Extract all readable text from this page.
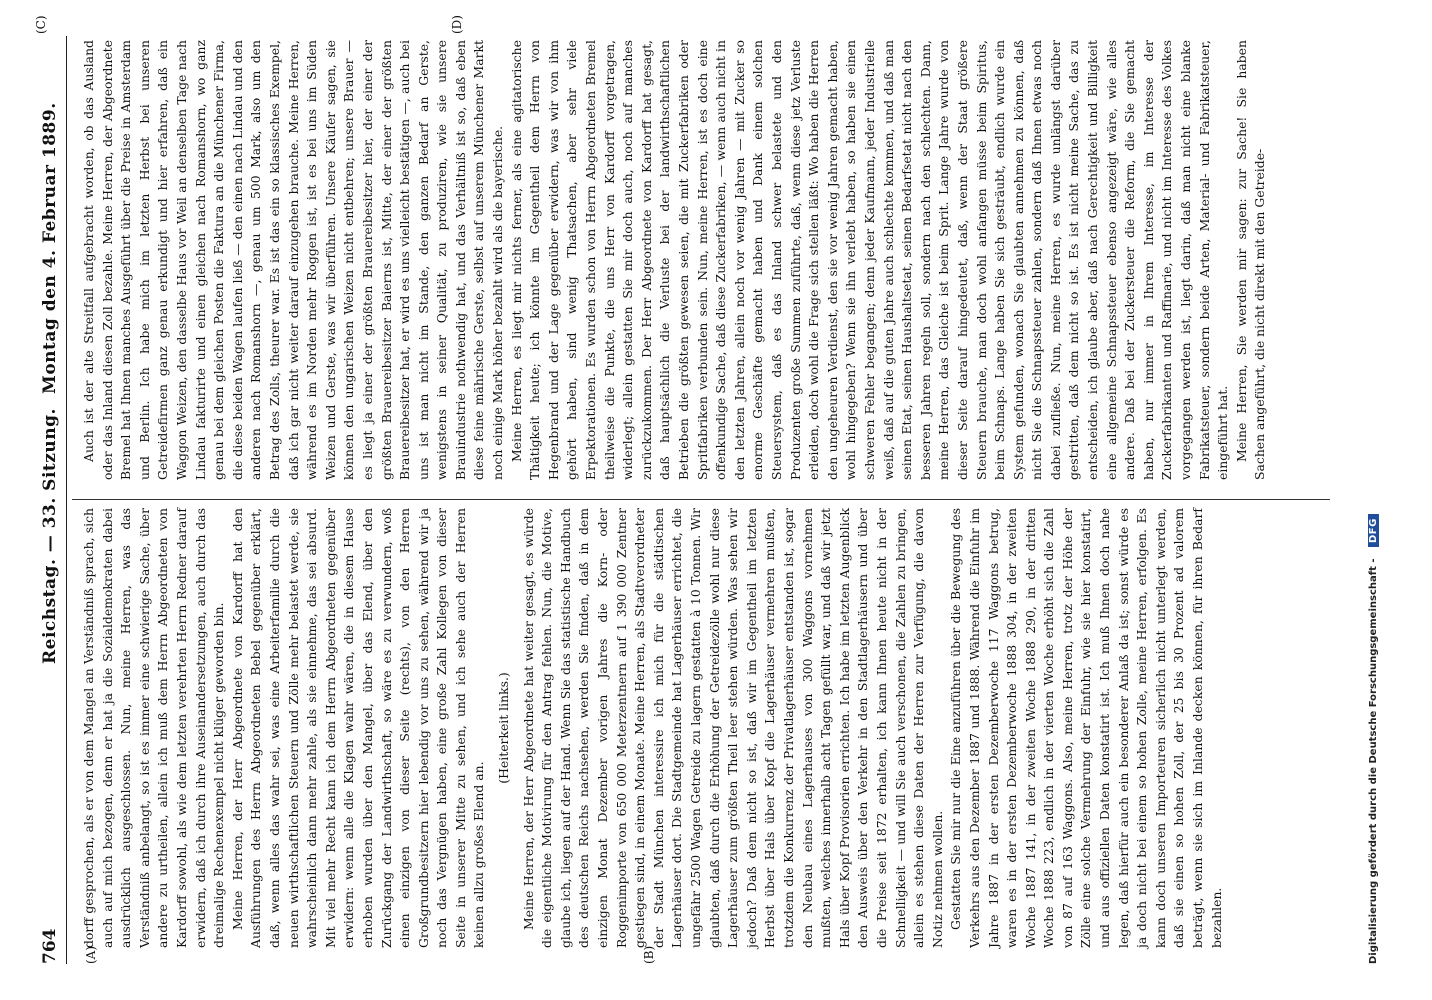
764
Reichstag. — 33. Sitzung.
Montag den 4. Februar 1889.
(A)	(B)
(C)	(D)

dorff gesprochen, als er von dem Mangel an Verständniß sprach, sich auch auf mich bezogen, denn er hat ja die Sozialdemokraten dabei ausdrücklich ausgeschlossen. Nun, meine Herren, was das Verständniß anbelangt, so ist es immer eine schwierige Sache, über andere zu urtheilen, allein ich muß dem Herrn Abgeordneten von Kardorff sowohl, als wie dem letzten verehrten Herrn Redner darauf erwidern, daß ich durch ihre Auseinandersetzungen, auch durch das dreimalige Rechenexempel nicht klüger geworden bin. Meine Herren, der Herr Abgeordnete von Kardorff hat den Ausführungen des Herrn Abgeordneten Bebel gegenüber erklärt, daß, wenn alles das wahr sei, was eine Arbeiterfamilie durch die neuen wirthschaftlichen Steuern und Zölle mehr belastet werde, sie wahrscheinlich dann mehr zahle, als sie einnehme, das sei absurd. Mit viel mehr Recht kann ich dem Herrn Abgeordneten gegenüber erwidern: wenn alle die Klagen wahr wären, die in diesem Hause erhoben wurden über den Mangel, über das Elend, über den Zurückgang der Landwirthschaft, so wäre es zu verwundern, woß einen einzigen von dieser Seite (rechts), von den Herren Großgrundbesitzern hier lebendig vor uns zu sehen, während wir ja noch das Vergnügen haben, eine große Zahl Kollegen von dieser Seite in unserer Mitte zu sehen, und ich sehe auch der Herren keinen allzu großes Elend an.

(Heiterkeit links.) Meine Herren, der Herr Abgeordnete hat weiter gesagt, es würde die eigentliche Motivirung für den Antrag fehlen. Nun, die Motive, glaube ich, liegen auf der Hand. Wenn Sie das statistische Handbuch des deutschen Reichs nachsehen, werden Sie finden, daß in dem einzigen Monat Dezember vorigen Jahres die Korn- oder Roggenimporte von 650 000 Meterzentnern auf 1 390 000 Zentner gestiegen sind, in einem Monate. Meine Herren, als Stadtverordneter der Stadt München interessire ich mich für die städtischen Lagerhäuser dort. Die Stadtgemeinde hat Lagerhäuser errichtet, die ungefähr 2500 Wagen Getreide zu lagern gestatten à 10 Tonnen. Wir glaubten, daß durch die Erhöhung der Getreidezölle wohl nur diese Lagerhäuser zum größten Theil leer stehen würden. Was sehen wir jedoch? Daß dem nicht so ist, daß wir im Gegentheil im letzten Herbst über Hals über Kopf die Lagerhäuser vermehren mußten, trotzdem die Konkurrenz der Privatlagerhäuser entstanden ist, sogar den Neubau eines Lagerhauses von 300 Waggons vornehmen mußten, welches innerhalb acht Tagen gefüllt war, und daß wir jetzt Hals über Kopf Provisorien errichten. Ich habe im letzten Augenblick den Ausweis über den Verkehr in den Stadtlagerhäusern und über die Preise seit 1872 erhalten, ich kann Ihnen heute nicht in der Schnelligkeit — und will Sie auch verschonen, die Zahlen zu bringen, allein es stehen diese Daten der Herren zur Verfügung, die davon Notiz nehmen wollen. Gestatten Sie mir nur die Eine anzuführen über die Bewegung des Verkehrs aus den Dezember 1887 und 1888. Während die Einfuhr im Jahre 1887 in der ersten Dezemberwoche 117 Waggons betrug, waren es in der ersten Dezemberwoche 1888 304, in der zweiten Woche 1887 141, in der zweiten Woche 1888 290, in der dritten Woche 1888 223, endlich in der vierten Woche erhöht sich die Zahl von 87 auf 163 Waggons. Also, meine Herren, trotz der Höhe der Zölle eine solche Vermehrung der Einfuhr, wie sie hier konstatirt, und aus offiziellen Daten konstatirt ist. Ich muß Ihnen doch nahe legen, daß hierfür auch ein besonderer Anlaß da ist; sonst würde es ja doch nicht bei einem so hohen Zolle, meine Herren, erfolgen. Es kann doch unseren Importeuren sicherlich nicht unterlegt werden, daß sie einen so hohen Zoll, der 25 bis 30 Prozent ad valorem beträgt, wenn sie sich im Inlande decken können, für ihren Bedarf bezahlen.

Auch ist der alte Streitfall aufgebracht worden, ob das Ausland oder das Inland diesen Zoll bezahle. Meine Herren, der Abgeordnete Bremel hat Ihnen manches Ausgeführt über die Preise in Amsterdam und Berlin. Ich habe mich im letzten Herbst bei unseren Getreidefirmen ganz genau erkundigt und hier erfahren, daß ein Waggon Weizen, den dasselbe Haus vor Weil an denselben Tage nach Lindau fakturirte und einen gleichen nach Romanshorn, wo ganz genau bei dem gleichen Posten die Faktura an die Münchener Firma, die diese beiden Wagen laufen ließ — den einen nach Lindau und den anderen nach Romanshorn —, genau um 500 Mark, also um den Betrag des Zolls, theurer war. Es ist das ein so klassisches Exempel, daß ich gar nicht weiter darauf einzugehen brauche. Meine Herren, während es im Norden mehr Roggen ist, ist es bei uns im Süden Weizen und Gerste, was wir überführen. Unsere Käufer sagen, sie können den ungarischen Weizen nicht entbehren; unsere Brauer — es liegt ja einer der größten Brauereibesitzer hier, der einer der größten Brauereibesitzer Baierns ist, Mitte, der einer der größten Brauereibesitzer hat, er wird es uns vielleicht bestätigen —, auch bei uns ist man nicht im Stande, den ganzen Bedarf an Gerste, wenigstens in seiner Qualität, zu produziren, wie sie unsere Brauindustrie nothwendig hat, und das Verhältniß ist so, daß eben diese feine mährische Gerste, selbst auf unserem Münchener Markt noch einige Mark höher bezahlt wird als die bayerische. Meine Herren, es liegt mir nichts ferner, als eine agitatorische Thätigkeit heute; ich könnte im Gegentheil dem Herrn von Hegenbrand und der Lage gegenüber erwidern, was wir von ihm gehört haben, sind wenig Thatsachen, aber sehr viele Erpektorationen. Es wurden schon von Herrn Abgeordneten Bremel theilweise die Punkte, die uns Herr von Kardorff vorgetragen, widerlegt; allein gestatten Sie mir doch auch, noch auf manches zurückzukommen. Der Herr Abgeordnete von Kardorff hat gesagt, daß hauptsächlich die Verluste bei der landwirthschaftlichen Betrieben die größten gewesen seien, die mit Zuckerfabriken oder Spritfabriken verbunden sein. Nun, meine Herren, ist es doch eine offenkundige Sache, daß diese Zuckerfabriken, — wenn auch nicht in den letzten Jahren, allein noch vor wenig Jahren — mit Zucker so enorme Geschäfte gemacht haben und Dank einem solchen Steuersystem, daß es das Inland schwer belastete und den Produzenten große Summen zuführte, daß, wenn diese jetz Verluste erleiden, doch wohl die Frage sich stellen läßt: Wo haben die Herren den ungeheuren Verdienst, den sie vor wenig Jahren gemacht haben, wohl hingegeben? Wenn sie ihn verlebt haben, so haben sie einen schweren Fehler begangen; denn jeder Kaufmann, jeder Industrielle weiß, daß auf die guten Jahre auch schlechte kommen, und daß man seinen Etat, seinen Haushaltsetat, seinen Bedarfsetat nicht nach den besseren Jahren regeln soll, sondern nach den schlechten. Dann, meine Herren, das Gleiche ist beim Sprit. Lange Jahre wurde von dieser Seite darauf hingedeutet, daß, wenn der Staat größere Steuern brauche, man doch wohl anfangen müsse beim Spiritus, beim Schnaps. Lange haben Sie sich gesträubt, endlich wurde ein System gefunden, wonach Sie glaubten annehmen zu können, daß nicht Sie die Schnapssteuer zahlen, sondern daß Ihnen etwas noch dabei zufließe. Nun, meine Herren, es wurde unlängst darüber gestritten, daß dem nicht so ist. Es ist nicht meine Sache, das zu entscheiden, ich glaube aber, daß nach Gerechtigkeit und Billigkeit eine allgemeine Schnapssteuer ebenso angezeigt wäre, wie alles andere. Daß bei der Zuckersteuer die Reform, die Sie gemacht haben, nur immer in Ihrem Interesse, im Interesse der Zuckerfabrikanten und Raffinarie, und nicht im Interesse des Volkes vorgegangen werden ist, liegt darin, daß man nicht eine blanke Fabrikatsteuer, sondern beide Arten, Material- und Fabrikatsteuer, eingeführt hat. Meine Herren, Sie werden mir sagen: zur Sache! Sie haben Sachen angeführt, die nicht direkt mit den Getreide-

Digitalisierung gefördert durch die Deutsche Forschungsgemeinschaft - DFG
